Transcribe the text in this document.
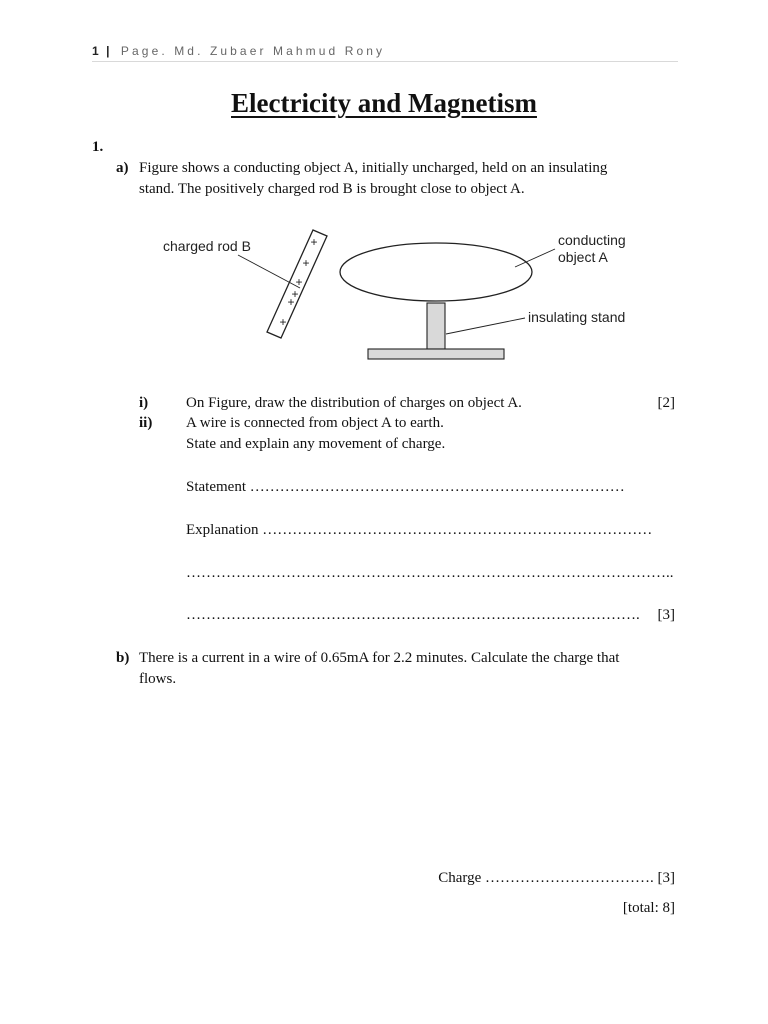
1 | Page. Md. Zubaer Mahmud Rony
Electricity and Magnetism
1.
a) Figure shows a conducting object A, initially uncharged, held on an insulating
stand. The positively charged rod B is brought close to object A.
+
+
+
+
+
+
charged rod B	conducting
object A
insulating stand
i)	On Figure, draw the distribution of charges on object A.	[2]
ii) A wire is connected from object A to earth.
State and explain any movement of charge.
Statement …………………………………………………………………
Explanation ……………………………………………………………………
……………………………………………………………………………………..
………………………………………………………………………………. [3]
b) There is a current in a wire of 0.65mA for 2.2 minutes. Calculate the charge that
flows.
Charge ……………………………. [3]
[total: 8]
